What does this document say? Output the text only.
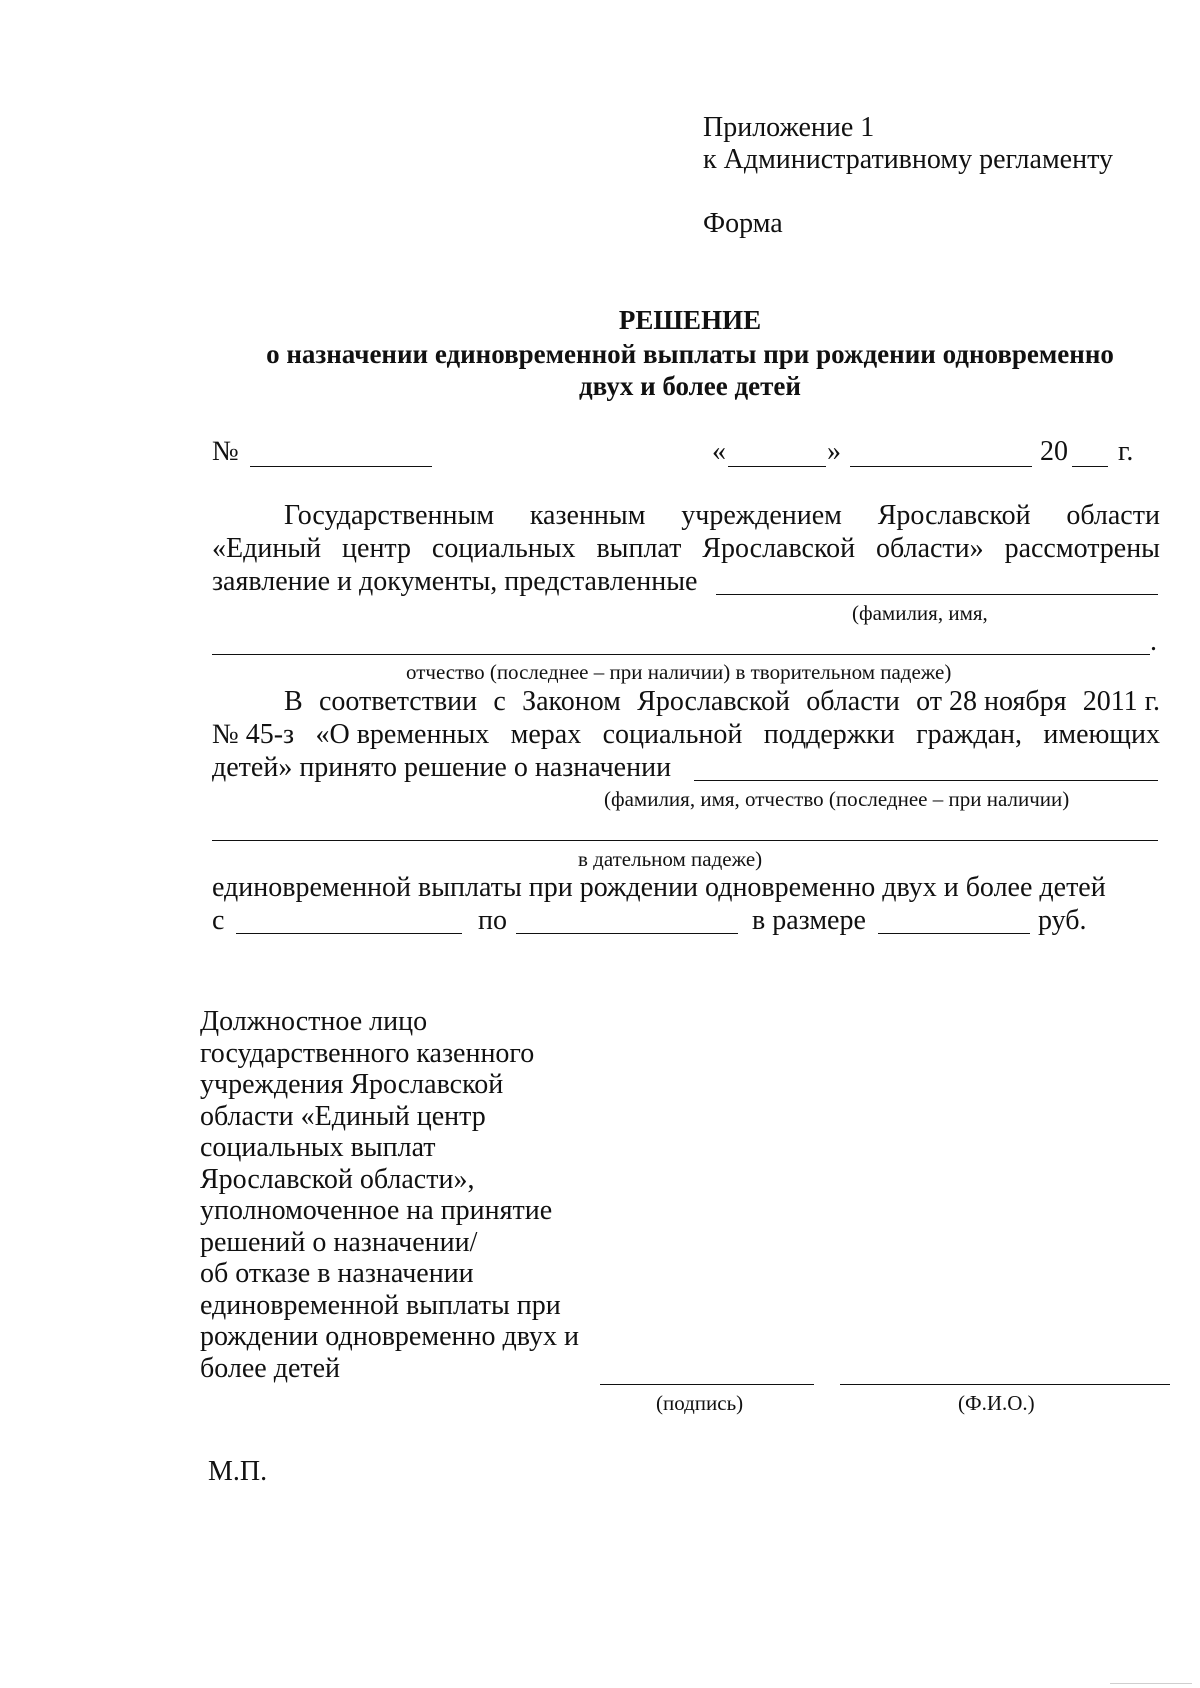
Приложение 1
к Административному регламенту
Форма
РЕШЕНИЕ
о назначении единовременной выплаты при рождении одновременно
двух и более детей
№	«	»	20 г.
Государственным казенным учреждением Ярославской области
«Единый центр социальных выплат Ярославской области» рассмотрены
заявление и документы, представленные
(фамилия, имя,
.
отчество (последнее – при наличии) в творительном падеже)
В соответствии с Законом Ярославской области от 28 ноября 2011 г.
№ 45-з «О временных мерах социальной поддержки граждан, имеющих
детей» принято решение о назначении
(фамилия, имя, отчество (последнее – при наличии)
в дательном падеже)
единовременной выплаты при рождении одновременно двух и более детей
с	по	в размере	руб.
Должностное лицо
государственного казенного
учреждения Ярославской
области «Единый центр
социальных выплат
Ярославской области»,
уполномоченное на принятие
решений о назначении/
об отказе в назначении
единовременной выплаты при
рождении одновременно двух и
более детей
(подпись)	(Ф.И.О.)
М.П.
